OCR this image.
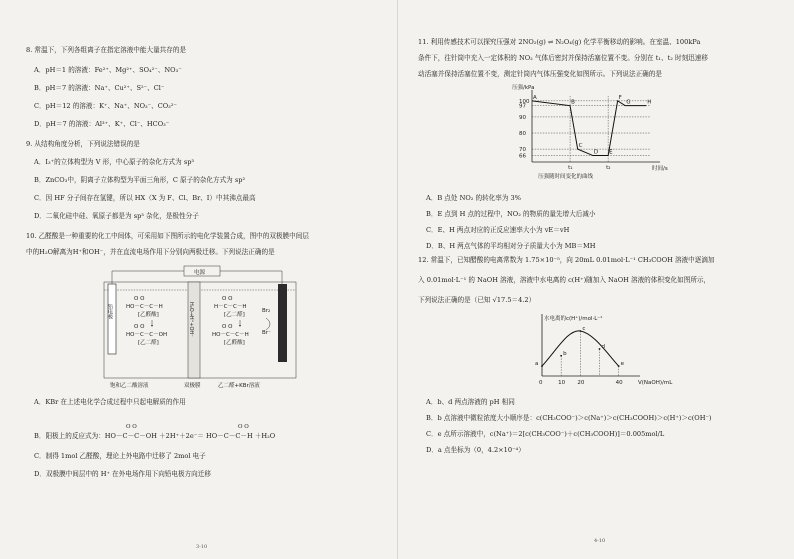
8. 常温下，下列各组离子在指定溶液中能大量共存的是
A．pH＝1 的溶液：Fe²⁺、Mg²⁺、SO₄²⁻、NO₃⁻
B．pH＝7 的溶液：Na⁺、Cu²⁺、S²⁻、Cl⁻
C．pH＝12 的溶液：K⁺、Na⁺、NO₃⁻、CO₃²⁻
D．pH＝7 的溶液：Al³⁺、K⁺、Cl⁻、HCO₃⁻
9. 从结构角度分析，下列说法错误的是
A．I₃⁺的立体构型为 V 形，中心原子的杂化方式为 sp³
B．ZnCO₃中，阴离子立体构型为平面三角形，C 原子的杂化方式为 sp²
C．因 HF 分子间存在氢键，所以 HX（X 为 F、Cl、Br、I）中其沸点最高
D．二氧化硅中硅、氧原子都是为 sp³ 杂化，是极性分子
10. 乙醛酸是一种重要的化工中间体，可采用如下图所示的电化学装置合成，图中的双极膜中间层
中的H₂O解离为H⁺和OH⁻，并在直流电场作用下分别向两极迁移。下列说法正确的是
电源
铅电极	H₂O→H⁺+OH⁻
O O
HO－C－C－H
[乙醛酸]
O O
HO－C－C－OH
[乙二醛]
O O
H－C－C－H
[乙二醛]
O O
HO－C－C－H
[乙醛酸]
Br₂
Br⁻
饱和乙二酸溶液	双极膜	乙二醛+KBr溶液
A．KBr 在上述电化学合成过程中只起电解质的作用
O O	O O
B．阳极上的反应式为：HO－C－C－OH ＋2H⁺＋2e⁻＝ HO－C－C－H ＋H₂O
C．制得 1mol 乙醛酸，理论上外电路中迁移了 2mol 电子
D．双极膜中间层中的 H⁺ 在外电场作用下向铅电极方向迁移
3-10
11. 利用传感技术可以探究压强对 2NO₂(g) ⇌ N₂O₄(g) 化学平衡移动的影响。在室温、100kPa
条件下，往针筒中充入一定体积的 NO₂ 气体后密封并保持活塞位置不变。分别在 t₁、t₂ 时刻迅速移
动活塞并保持活塞位置不变，测定针筒内气体压强变化如图所示。下列说法正确的是
压强/kPa
时间/s
100
97
90
80
70
66
A
B
C
D E
F
G	H
t₁	t₂
压强随时间变化的曲线
A．B 点处 NO₂ 的转化率为 3%
B．E 点到 H 点的过程中，NO₂ 的物质的量先增大后减小
C．E、H 两点对应的正反应速率大小为 vE＝vH
D．B、H 两点气体的平均相对分子质量大小为 MB＝MH
12. 常温下，已知醋酸的电离常数为 1.75×10⁻⁵，向 20mL 0.01mol·L⁻¹ CH₃COOH 溶液中逐滴加
入 0.01mol·L⁻¹ 的 NaOH 溶液，溶液中水电离的 c(H⁺)随加入 NaOH 溶液的体积变化如图所示，
下列说法正确的是（已知 √17.5＝4.2）
水电离的c(H⁺)/mol·L⁻¹
V(NaOH)/mL
0	10 20	40
a
b
c
d
e
A．b、d 两点溶液的 pH 相同
B．b 点溶液中微粒浓度大小顺序是：c(CH₃COO⁻)＞c(Na⁺)＞c(CH₃COOH)＞c(H⁺)＞c(OH⁻)
C．e 点所示溶液中，c(Na⁺)＝2[c(CH₃COO⁻)＋c(CH₃COOH)]＝0.005mol/L
D．a 点坐标为（0，4.2×10⁻⁴）
4-10
